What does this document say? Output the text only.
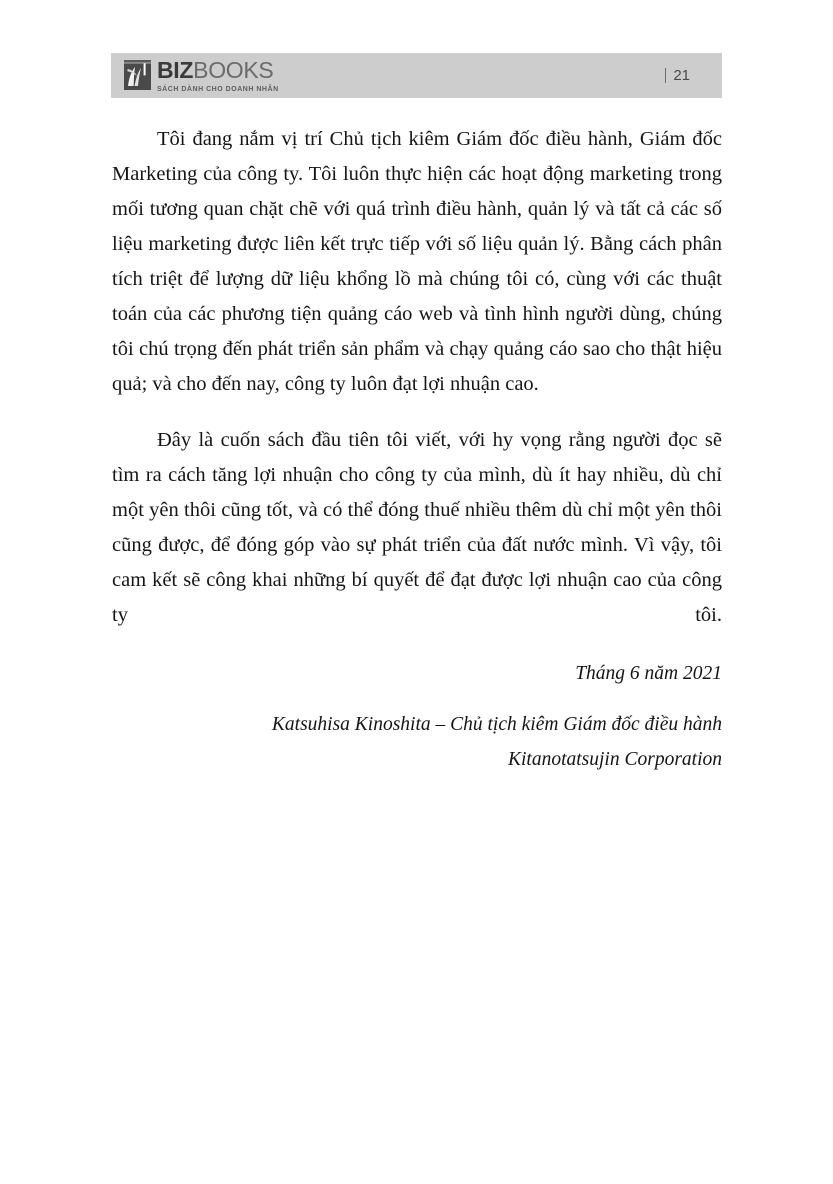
BIZBOOKS
SÁCH DÀNH CHO DOANH NHÂN
21

Tôi đang nắm vị trí Chủ tịch kiêm Giám đốc điều hành, Giám đốc Marketing của công ty. Tôi luôn thực hiện các hoạt động marketing trong mối tương quan chặt chẽ với quá trình điều hành, quản lý và tất cả các số liệu marketing được liên kết trực tiếp với số liệu quản lý. Bằng cách phân tích triệt để lượng dữ liệu khổng lồ mà chúng tôi có, cùng với các thuật toán của các phương tiện quảng cáo web và tình hình người dùng, chúng tôi chú trọng đến phát triển sản phẩm và chạy quảng cáo sao cho thật hiệu quả; và cho đến nay, công ty luôn đạt lợi nhuận cao.

Đây là cuốn sách đầu tiên tôi viết, với hy vọng rằng người đọc sẽ tìm ra cách tăng lợi nhuận cho công ty của mình, dù ít hay nhiều, dù chỉ một yên thôi cũng tốt, và có thể đóng thuế nhiều thêm dù chỉ một yên thôi cũng được, để đóng góp vào sự phát triển của đất nước mình. Vì vậy, tôi cam kết sẽ công khai những bí quyết để đạt được lợi nhuận cao của công ty tôi.

Tháng 6 năm 2021
Katsuhisa Kinoshita – Chủ tịch kiêm Giám đốc điều hành
Kitanotatsujin Corporation
